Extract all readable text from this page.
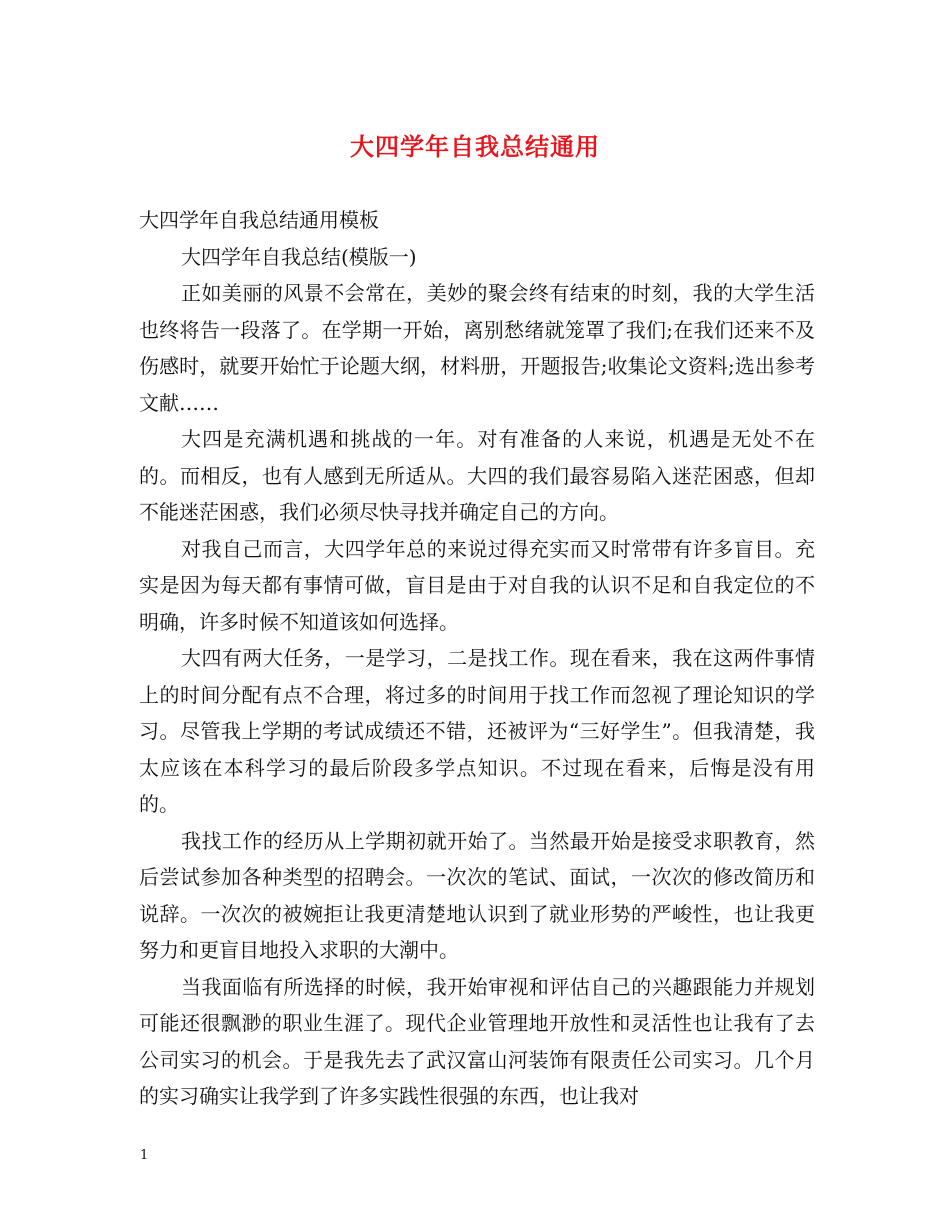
大四学年自我总结通用

大四学年自我总结通用模板

大四学年自我总结(模版一)

正如美丽的风景不会常在，美妙的聚会终有结束的时刻，我的大学生活也终将告一段落了。在学期一开始，离别愁绪就笼罩了我们;在我们还来不及伤感时，就要开始忙于论题大纲，材料册，开题报告;收集论文资料;选出参考文献……

大四是充满机遇和挑战的一年。对有准备的人来说，机遇是无处不在的。而相反，也有人感到无所适从。大四的我们最容易陷入迷茫困惑，但却不能迷茫困惑，我们必须尽快寻找并确定自己的方向。

对我自己而言，大四学年总的来说过得充实而又时常带有许多盲目。充实是因为每天都有事情可做，盲目是由于对自我的认识不足和自我定位的不明确，许多时候不知道该如何选择。

大四有两大任务，一是学习，二是找工作。现在看来，我在这两件事情上的时间分配有点不合理，将过多的时间用于找工作而忽视了理论知识的学习。尽管我上学期的考试成绩还不错，还被评为“三好学生”。但我清楚，我太应该在本科学习的最后阶段多学点知识。不过现在看来，后悔是没有用的。

我找工作的经历从上学期初就开始了。当然最开始是接受求职教育，然后尝试参加各种类型的招聘会。一次次的笔试、面试，一次次的修改简历和说辞。一次次的被婉拒让我更清楚地认识到了就业形势的严峻性，也让我更努力和更盲目地投入求职的大潮中。

当我面临有所选择的时候，我开始审视和评估自己的兴趣跟能力并规划可能还很飘渺的职业生涯了。现代企业管理地开放性和灵活性也让我有了去公司实习的机会。于是我先去了武汉富山河装饰有限责任公司实习。几个月的实习确实让我学到了许多实践性很强的东西，也让我对

1
